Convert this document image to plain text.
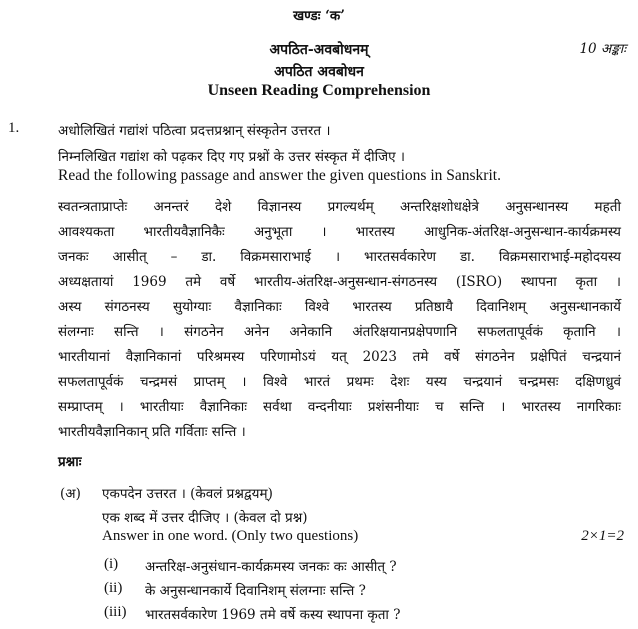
खण्डः ‘क’
अपठित-अवबोधनम्	10 अङ्काः
अपठित अवबोधन
Unseen Reading Comprehension
1.	अधोलिखितं गद्यांशं पठित्वा प्रदत्तप्रश्नान् संस्कृतेन उत्तरत ।
निम्नलिखित गद्यांश को पढ़कर दिए गए प्रश्नों के उत्तर संस्कृत में दीजिए ।
Read the following passage and answer the given questions in Sanskrit.
स्वतन्त्रताप्राप्तेः अनन्तरं देशे विज्ञानस्य प्रगल्यर्थम् अन्तरिक्षशोधक्षेत्रे अनुसन्धानस्य महती
आवश्यकता भारतीयवैज्ञानिकैः अनुभूता । भारतस्य आधुनिक-अंतरिक्ष-अनुसन्धान-कार्यक्रमस्य
जनकः आसीत् – डा. विक्रमसाराभाई । भारतसर्वकारेण डा. विक्रमसाराभाई-महोदयस्य
अध्यक्षतायां 1969 तमे वर्षे भारतीय-अंतरिक्ष-अनुसन्धान-संगठनस्य (ISRO) स्थापना कृता ।
अस्य संगठनस्य सुयोग्याः वैज्ञानिकाः विश्वे भारतस्य प्रतिष्ठायै दिवानिशम् अनुसन्धानकार्ये
संलग्नाः सन्ति । संगठनेन अनेन अनेकानि अंतरिक्षयानप्रक्षेपणानि सफलतापूर्वकं कृतानि ।
भारतीयानां वैज्ञानिकानां परिश्रमस्य परिणामोऽयं यत् 2023 तमे वर्षे संगठनेन प्रक्षेपितं चन्द्रयानं
सफलतापूर्वकं चन्द्रमसं प्राप्तम् । विश्वे भारतं प्रथमः देशः यस्य चन्द्रयानं चन्द्रमसः दक्षिणध्रुवं
सम्प्राप्तम् । भारतीयाः वैज्ञानिकाः सर्वथा वन्दनीयाः प्रशंसनीयाः च सन्ति । भारतस्य नागरिकाः
भारतीयवैज्ञानिकान् प्रति गर्विताः सन्ति ।
प्रश्नाः
(अ) एकपदेन उत्तरत । (केवलं प्रश्नद्वयम्)
एक शब्द में उत्तर दीजिए । (केवल दो प्रश्न)
Answer in one word. (Only two questions)	2×1=2
(i) अन्तरिक्ष-अनुसंधान-कार्यक्रमस्य जनकः कः आसीत् ?
(ii) के अनुसन्धानकार्ये दिवानिशम् संलग्नाः सन्ति ?
(iii) भारतसर्वकारेण 1969 तमे वर्षे कस्य स्थापना कृता ?
